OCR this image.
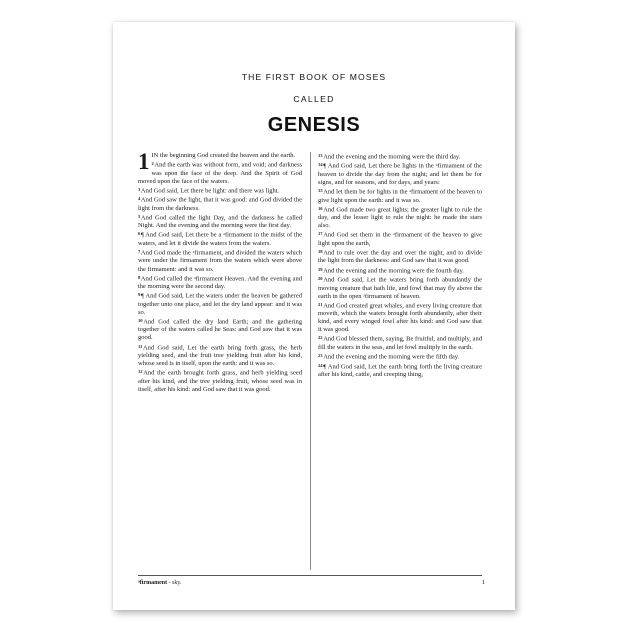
THE FIRST BOOK OF MOSES
CALLED
GENESIS

1 IN the beginning God created the heaven and the earth.

$^2$And the earth was without form, and void; and darkness was upon the face of the deep. And the Spirit of God moved upon the face of the waters.

$^3$And God said, Let there be light: and there was light.

$^4$And God saw the light, that it was good: and God divided the light from the darkness.

$^5$And God called the light Day, and the darkness he called Night. And the evening and the morning were the first day.

$^6$¶ And God said, Let there be a ᵃfirmament in the midst of the waters, and let it divide the waters from the waters.

$^7$And God made the ᵃfirmament, and divided the waters which were under the firmament from the waters which were above the firmament: and it was so.

$^8$And God called the ᵃfirmament Heaven. And the evening and the morning were the second day.

$^9$¶ And God said, Let the waters under the heaven be gathered together unto one place, and let the dry land appear: and it was so.

$^{10}$And God called the dry land Earth; and the gathering together of the waters called he Seas: and God saw that it was good.

$^{11}$And God said, Let the earth bring forth grass, the herb yielding seed, and the fruit tree yielding fruit after his kind, whose seed is in itself, upon the earth: and it was so.

$^{12}$And the earth brought forth grass, and herb yielding seed after his kind, and the tree yielding fruit, whose seed was in itself, after his kind: and God saw that it was good.

$^{13}$And the evening and the morning were the third day.

$^{14}$¶ And God said, Let there be lights in the ᵃfirmament of the heaven to divide the day from the night; and let them be for signs, and for seasons, and for days, and years:

$^{15}$And let them be for lights in the ᵃfirmament of the heaven to give light upon the earth: and it was so.

$^{16}$And God made two great lights; the greater light to rule the day, and the lesser light to rule the night: he made the stars also.

$^{17}$And God set them in the ᵃfirmament of the heaven to give light upon the earth,

$^{18}$And to rule over the day and over the night, and to divide the light from the darkness: and God saw that it was good.

$^{19}$And the evening and the morning were the fourth day.

$^{20}$And God said, Let the waters bring forth abundantly the moving creature that hath life, and fowl that may fly above the earth in the open ᵃfirmament of heaven.

$^{21}$And God created great whales, and every living creature that moveth, which the waters brought forth abundantly, after their kind, and every winged fowl after his kind: and God saw that it was good.

$^{22}$And God blessed them, saying, Be fruitful, and multiply, and fill the waters in the seas, and let fowl multiply in the earth.

$^{23}$And the evening and the morning were the fifth day.

$^{24}$¶ And God said, Let the earth bring forth the living creature after his kind, cattle, and creeping thing,

ᵃfirmament - sky.	1
